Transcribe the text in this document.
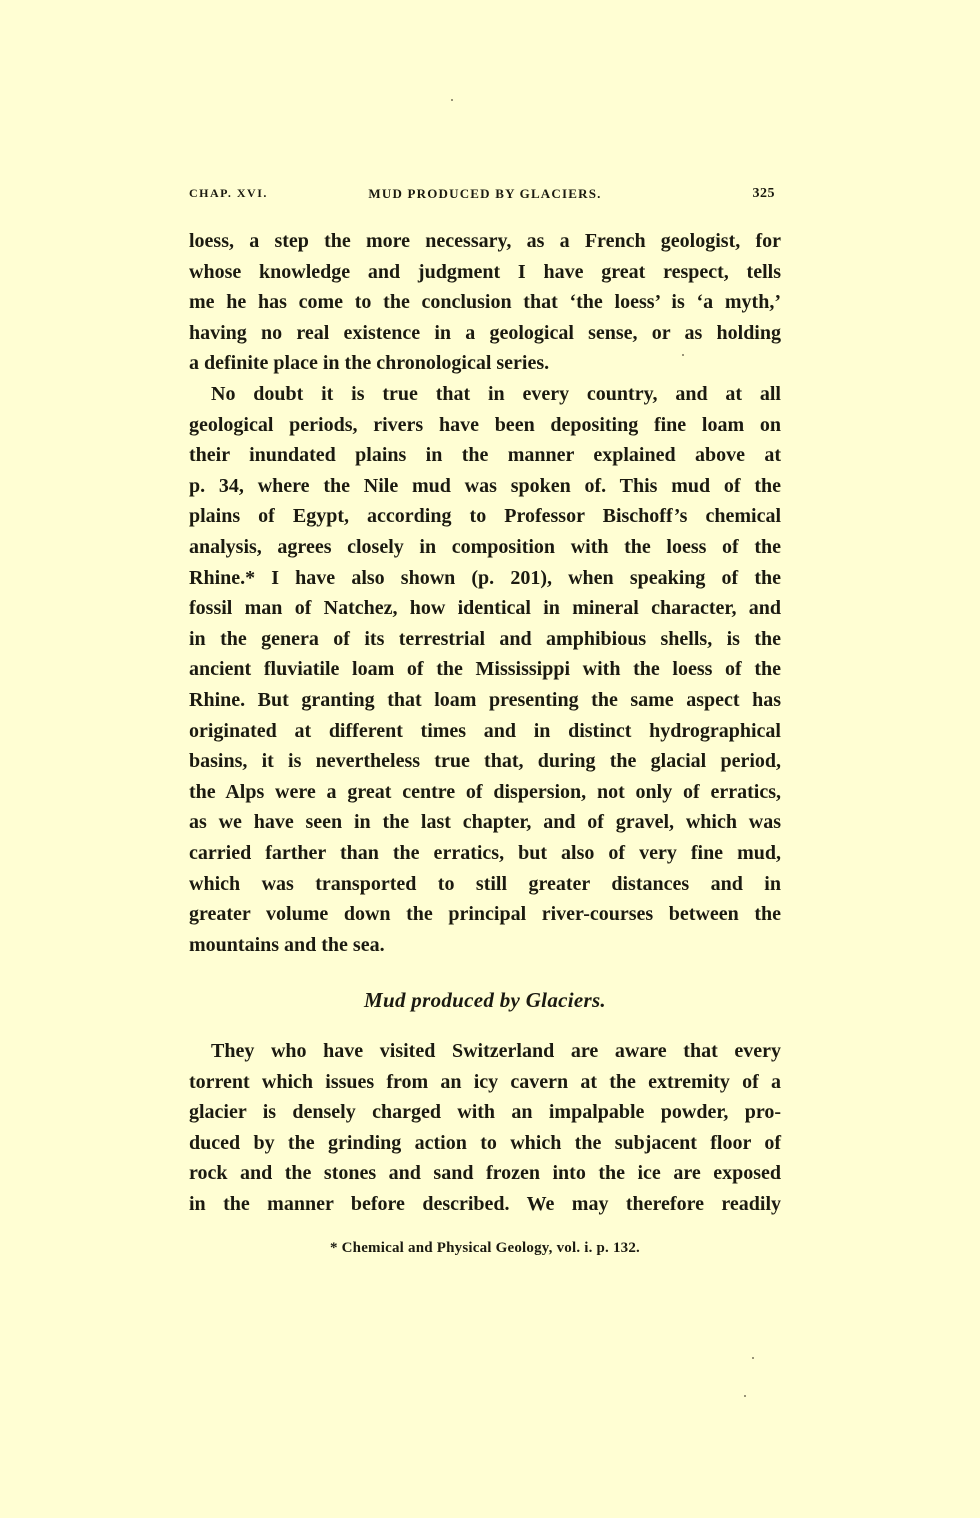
CHAP. XVI.	MUD PRODUCED BY GLACIERS.	325
loess, a step the more necessary, as a French geologist, for
whose knowledge and judgment I have great respect, tells
me he has come to the conclusion that ‘the loess’ is ‘a myth,’
having no real existence in a geological sense, or as holding
a definite place in the chronological series.
No doubt it is true that in every country, and at all
geological periods, rivers have been depositing fine loam on
their inundated plains in the manner explained above at
p. 34, where the Nile mud was spoken of. This mud of the
plains of Egypt, according to Professor Bischoff’s chemical
analysis, agrees closely in composition with the loess of the
Rhine.* I have also shown (p. 201), when speaking of the
fossil man of Natchez, how identical in mineral character, and
in the genera of its terrestrial and amphibious shells, is the
ancient fluviatile loam of the Mississippi with the loess of the
Rhine. But granting that loam presenting the same aspect has
originated at different times and in distinct hydrographical
basins, it is nevertheless true that, during the glacial period,
the Alps were a great centre of dispersion, not only of erratics,
as we have seen in the last chapter, and of gravel, which was
carried farther than the erratics, but also of very fine mud,
which was transported to still greater distances and in
greater volume down the principal river-courses between the
mountains and the sea.
Mud produced by Glaciers.
They who have visited Switzerland are aware that every
torrent which issues from an icy cavern at the extremity of a
glacier is densely charged with an impalpable powder, pro-
duced by the grinding action to which the subjacent floor of
rock and the stones and sand frozen into the ice are exposed
in the manner before described. We may therefore readily
* Chemical and Physical Geology, vol. i. p. 132.
